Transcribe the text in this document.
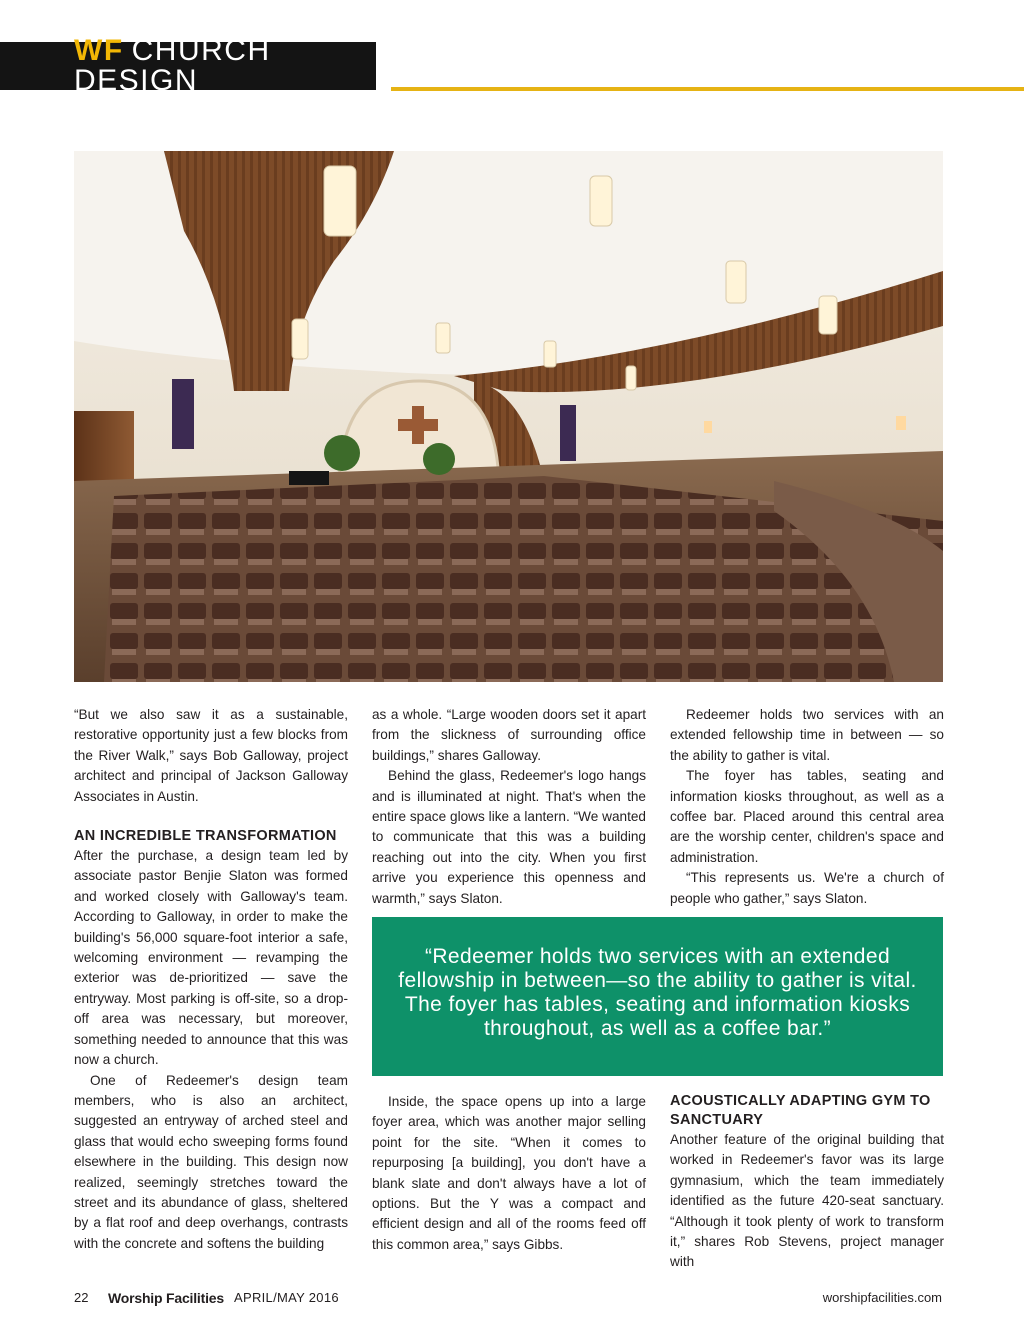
WF CHURCH DESIGN

“But we also saw it as a sustainable, restorative opportunity just a few blocks from the River Walk,” says Bob Galloway, project architect and principal of Jackson Galloway Associates in Austin.

AN INCREDIBLE TRANSFORMATION

After the purchase, a design team led by associate pastor Benjie Slaton was formed and worked closely with Galloway's team. According to Galloway, in order to make the building's 56,000 square-foot interior a safe, welcoming environment — revamping the exterior was de-prioritized — save the entryway. Most parking is off-site, so a drop-off area was necessary, but moreover, something needed to announce that this was now a church.

One of Redeemer's design team members, who is also an architect, suggested an entryway of arched steel and glass that would echo sweeping forms found elsewhere in the building. This design now realized, seemingly stretches toward the street and its abundance of glass, sheltered by a flat roof and deep overhangs, contrasts with the concrete and softens the building

as a whole. “Large wooden doors set it apart from the slickness of surrounding office buildings,” shares Galloway.

Behind the glass, Redeemer's logo hangs and is illuminated at night. That's when the entire space glows like a lantern. “We wanted to communicate that this was a building reaching out into the city. When you first arrive you experience this openness and warmth,” says Slaton.

Redeemer holds two services with an extended fellowship time in between — so the ability to gather is vital.

The foyer has tables, seating and information kiosks throughout, as well as a coffee bar. Placed around this central area are the worship center, children's space and administration.

“This represents us. We're a church of people who gather,” says Slaton.

“Redeemer holds two services with an extended fellowship in between—so the ability to gather is vital. The foyer has tables, seating and information kiosks throughout, as well as a coffee bar.”

Inside, the space opens up into a large foyer area, which was another major selling point for the site. “When it comes to repurposing [a building], you don't have a blank slate and don't always have a lot of options. But the Y was a compact and efficient design and all of the rooms feed off this common area,” says Gibbs.

ACOUSTICALLY ADAPTING GYM TO SANCTUARY

Another feature of the original building that worked in Redeemer's favor was its large gymnasium, which the team immediately identified as the future 420-seat sanctuary. “Although it took plenty of work to transform it,” shares Rob Stevens, project manager with

22 Worship Facilities APRIL/MAY 2016	worshipfacilities.com
